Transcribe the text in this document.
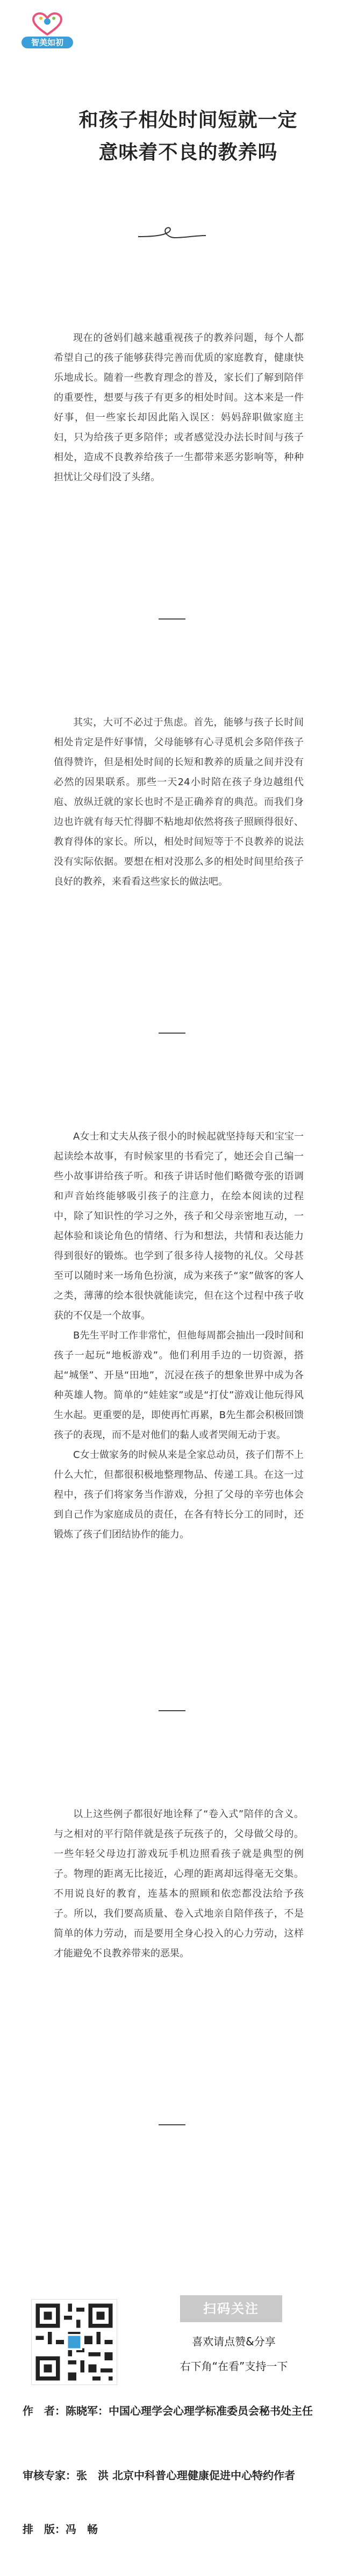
智美如初
和孩子相处时间短就一定
意味着不良的教养吗

现在的爸妈们越来越重视孩子的教养问题，每个人都希望自己的孩子能够获得完善而优质的家庭教育，健康快乐地成长。随着一些教育理念的普及，家长们了解到陪伴的重要性，想要与孩子有更多的相处时间。这本来是一件好事，但一些家长却因此陷入误区：妈妈辞职做家庭主妇，只为给孩子更多陪伴；或者感觉没办法长时间与孩子相处，造成不良教养给孩子一生都带来恶劣影响等，种种担忧让父母们没了头绪。

其实，大可不必过于焦虑。首先，能够与孩子长时间相处肯定是件好事情，父母能够有心寻觅机会多陪伴孩子值得赞许，但是相处时间的长短和教养的质量之间并没有必然的因果联系。那些一天24小时陪在孩子身边越组代庖、放纵迁就的家长也时不是正确养育的典范。而我们身边也许就有每天忙得脚不粘地却依然将孩子照顾得很好、教育得体的家长。所以，相处时间短等于不良教养的说法没有实际依据。要想在相对没那么多的相处时间里给孩子良好的教养，来看看这些家长的做法吧。

A女士和丈夫从孩子很小的时候起就坚持每天和宝宝一起读绘本故事，有时候家里的书看完了，她还会自己编一些小故事讲给孩子听。和孩子讲话时他们略微夸张的语调和声音始终能够吸引孩子的注意力，在绘本阅读的过程中，除了知识性的学习之外，孩子和父母亲密地互动，一起体验和谈论角色的情绪、行为和想法，共情和表达能力得到很好的锻炼。也学到了很多待人接物的礼仪。父母甚至可以随时来一场角色扮演，成为来孩子“家”做客的客人之类，薄薄的绘本很快就能读完，但在这个过程中孩子收获的不仅是一个故事。

B先生平时工作非常忙，但他每周都会抽出一段时间和孩子一起玩“地板游戏”。他们利用手边的一切资源，搭起“城堡”、开垦“田地”，沉浸在孩子的想象世界中成为各种英雄人物。简单的“娃娃家”或是“打仗”游戏让他玩得风生水起。更重要的是，即使再忙再累，B先生都会积极回馈孩子的表现，而不是对他们的黏人或者哭闹无动于衷。

C女士做家务的时候从来是全家总动员，孩子们帮不上什么大忙，但都很积极地整理物品、传递工具。在这一过程中，孩子们将家务当作游戏，分担了父母的辛劳也体会到自己作为家庭成员的责任，在各有特长分工的同时，还锻炼了孩子们团结协作的能力。

以上这些例子都很好地诠释了“卷入式”陪伴的含义。与之相对的平行陪伴就是孩子玩孩子的，父母做父母的。一些年轻父母边打游戏玩手机边照看孩子就是典型的例子。物理的距离无比接近，心理的距离却远得毫无交集。不用说良好的教育，连基本的照顾和依恋都没法给予孩子。所以，我们要高质量、卷入式地亲自陪伴孩子，不是简单的体力劳动，而是要用全身心投入的心力劳动，这样才能避免不良教养带来的恶果。

扫码关注
喜欢请点赞&分享
右下角“在看”支持一下
作　者：陈晓军：中国心理学会心理学标准委员会秘书处主任
审核专家：张　洪 北京中科普心理健康促进中心特约作者
排　版：冯　畅
